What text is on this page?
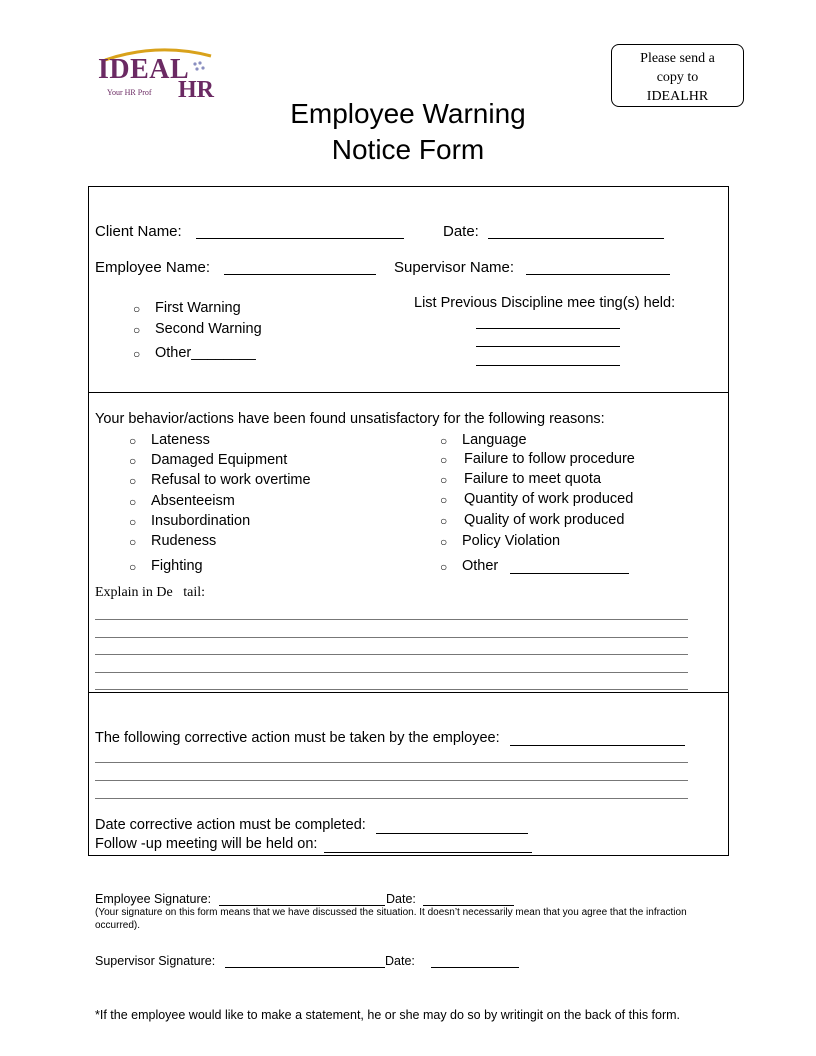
IDEAL
HR
Your HR Prof
Please send a
copy to
IDEALHR
Employee Warning
Notice Form
Client Name:	Date:
Employee Name:	Supervisor Name:
○ First Warning
○ Second Warning
○ Other________
List Previous Discipline mee ting(s) held:
Your behavior/actions have been found unsatisfactory for the following reasons:
○ Lateness
○ Damaged Equipment
○ Refusal to work overtime
○ Absenteeism
○ Insubordination
○ Rudeness
○ Fighting
○ Language
○ Failure to follow procedure
○ Failure to meet quota
○ Quantity of work produced
○ Quality of work produced
○ Policy Violation
○ Other
Explain in De   tail:
The following corrective action must be taken by the employee:
Date corrective action must be completed:
Follow -up meeting will be held on:
Employee Signature:	Date:
(Your signature on this form means that we have discussed the situation. It doesn’t necessarily mean that you agree that the infraction occurred).
Supervisor Signature:	Date:
*If the employee would like to make a statement, he or she may do so by writingit on the back of this form.
